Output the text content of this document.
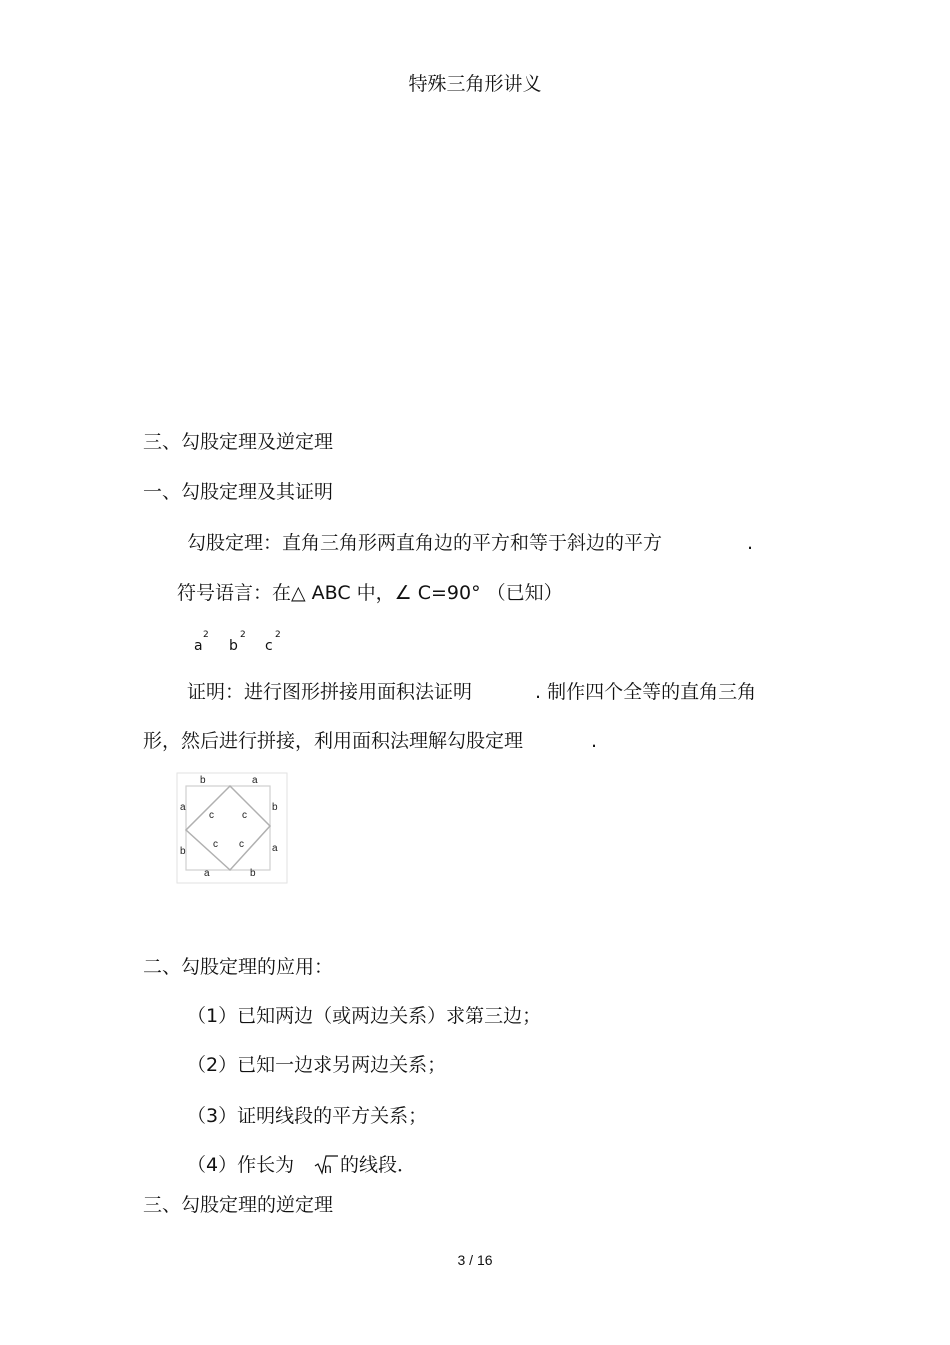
特殊三角形讲义
三、勾股定理及逆定理
一、勾股定理及其证明
勾股定理：直角三角形两直角边的平方和等于斜边的平方	.
符号语言：在△ ABC 中，∠ C=90° （已知）
a
2
b
2
c
2
证明：进行图形拼接用面积法证明	. 制作四个全等的直角三角
形，然后进行拼接，利用面积法理解勾股定理	.
b	a
a
b
b
a
a	b
c	c
c c
二、勾股定理的应用：
（1）已知两边（或两边关系）求第三边；
（2）已知一边求另两边关系；
（3）证明线段的平方关系；
（4）作长为 n 的线段．
三、勾股定理的逆定理
3 / 16
